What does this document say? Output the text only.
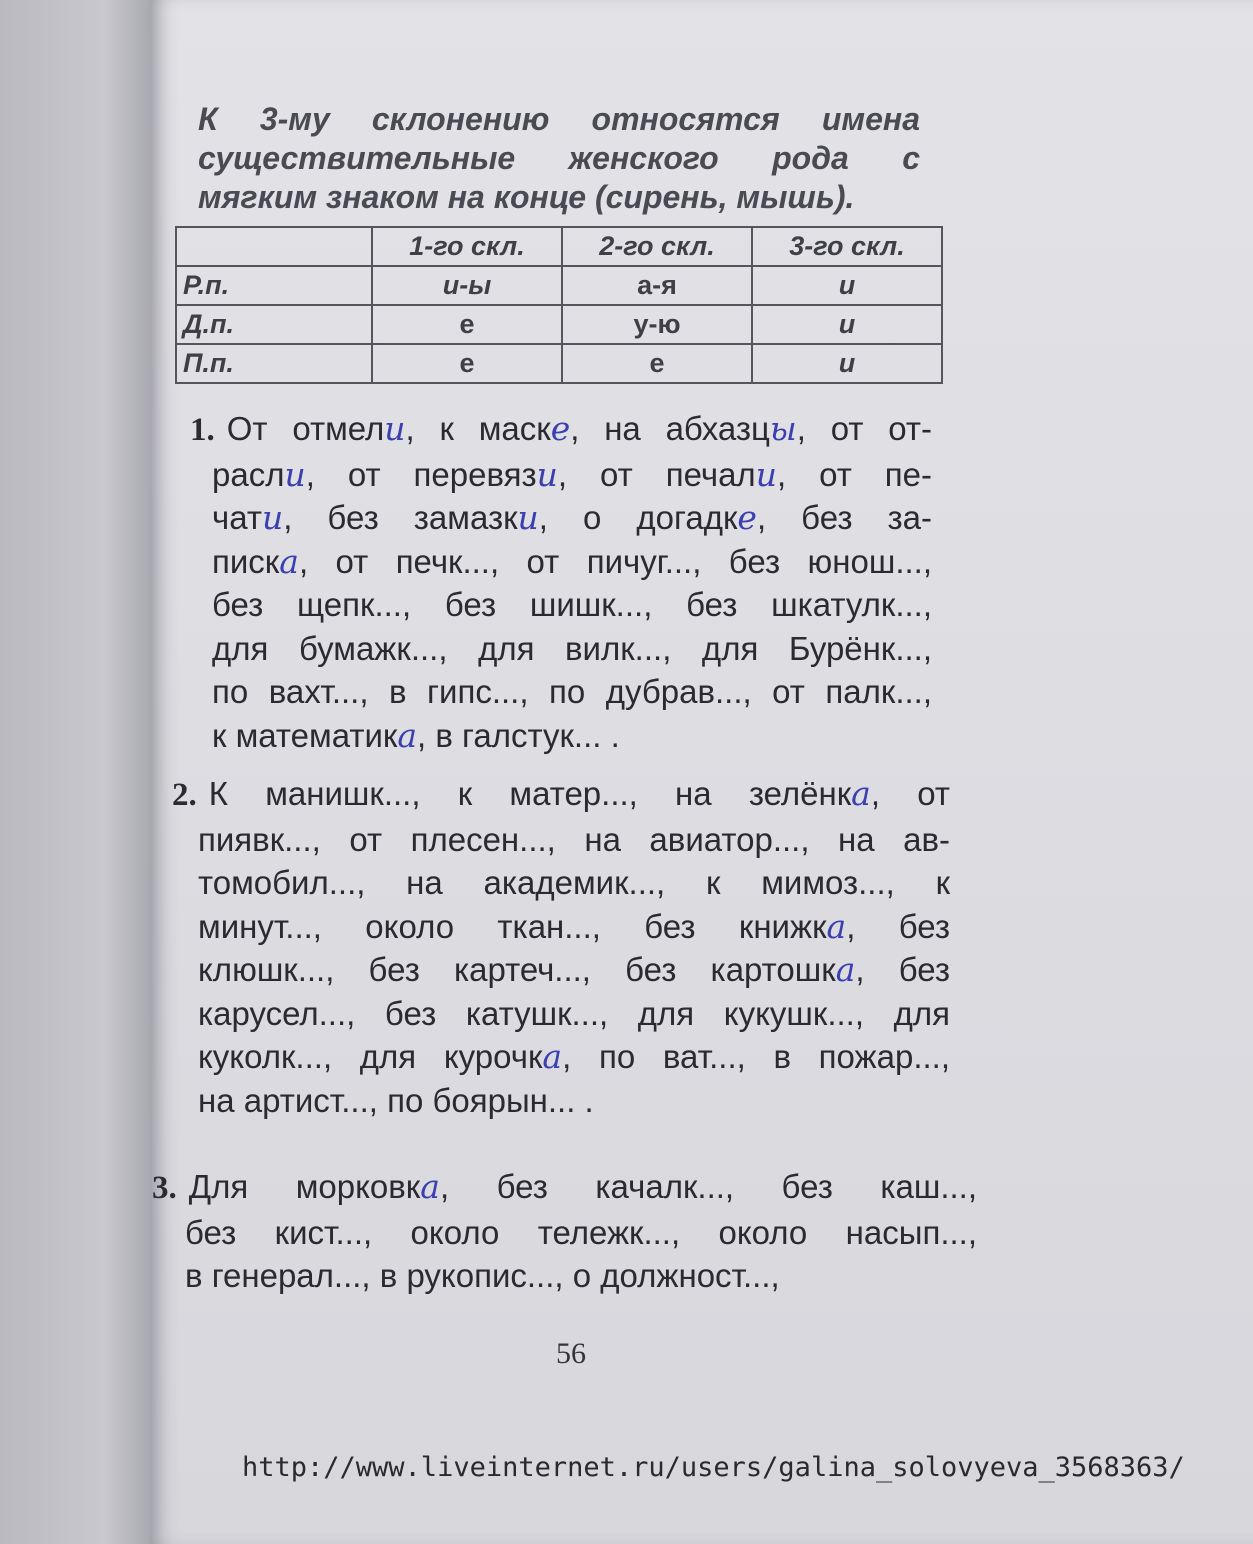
К 3-му склонению относятся имена
существительные женского рода с
мягким знаком на конце (сирень, мышь).
	1-го скл.	2-го скл.	3-го скл.
Р.п.	и-ы	а-я	и
Д.п.	е	у-ю	и
П.п.	е	е	и
1. От отмели, к маске, на абхазцы, от от-
расли, от перевязи, от печали, от пе-
чати, без замазки, о догадке, без за-
писка, от печк..., от пичуг..., без юнош...,
без щепк..., без шишк..., без шкатулк...,
для бумажк..., для вилк..., для Бурёнк...,
по вахт..., в гипс..., по дубрав..., от палк...,
к математика, в галстук... .
2. К манишк..., к матер..., на зелёнка, от
пиявк..., от плесен..., на авиатор..., на ав-
томобил..., на академик..., к мимоз..., к
минут..., около ткан..., без книжка, без
клюшк..., без картеч..., без картошка, без
карусел..., без катушк..., для кукушк..., для
куколк..., для курочка, по ват..., в пожар...,
на артист..., по боярын... .
3. Для морковка, без качалк..., без каш...,
без кист..., около тележк..., около насып...,
в генерал..., в рукопис..., о должност...,
56
http://www.liveinternet.ru/users/galina_solovyeva_3568363/
